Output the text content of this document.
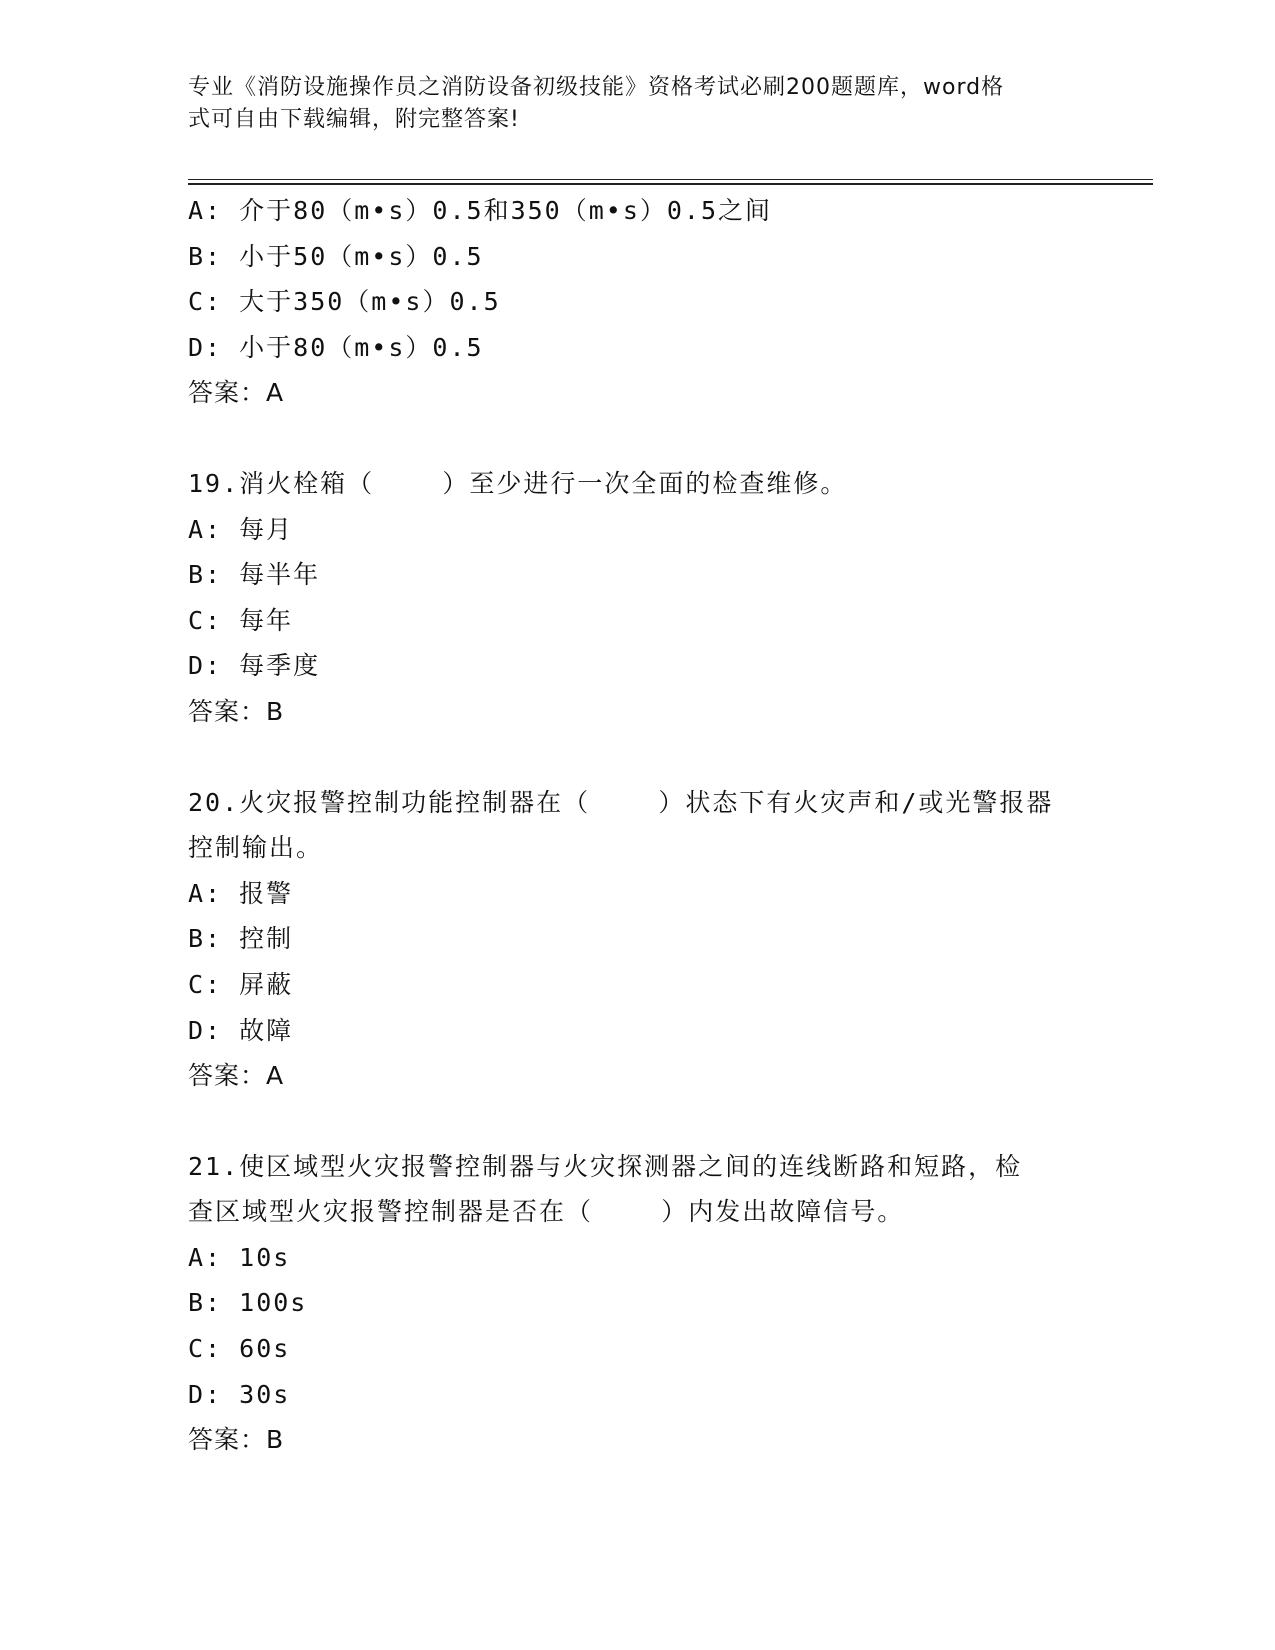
专业《消防设施操作员之消防设备初级技能》资格考试必刷200题题库，word格
式可自由下载编辑，附完整答案!
A: 介于80（m•s）0.5和350（m•s）0.5之间
B: 小于50（m•s）0.5
C: 大于350（m•s）0.5
D: 小于80（m•s）0.5
答案：A
19.消火栓箱（    ）至少进行一次全面的检查维修。
A: 每月
B: 每半年
C: 每年
D: 每季度
答案：B
20.火灾报警控制功能控制器在（    ）状态下有火灾声和/或光警报器
控制输出。
A: 报警
B: 控制
C: 屏蔽
D: 故障
答案：A
21.使区域型火灾报警控制器与火灾探测器之间的连线断路和短路，检
查区域型火灾报警控制器是否在（    ）内发出故障信号。
A: 10s
B: 100s
C: 60s
D: 30s
答案：B
